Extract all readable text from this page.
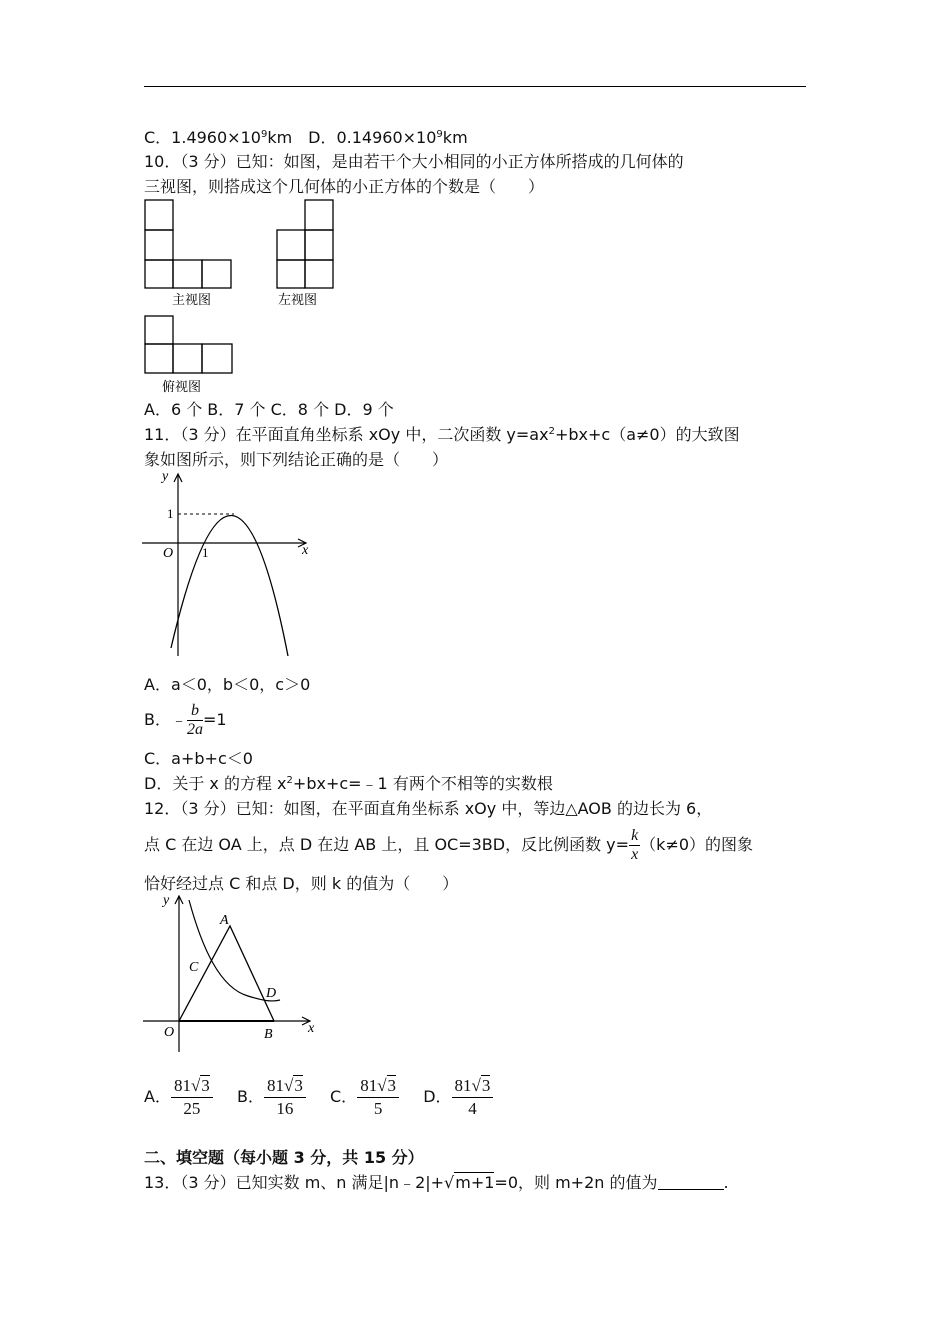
C．$1.4960\times 10^9km$　D．$0.14960\times 10^9km$
10．（3 分）已知：如图，是由若干个大小相同的小正方体所搭成的几何体的
三视图，则搭成这个几何体的小正方体的个数是（　　）
主视图	左视图
俯视图
A．6 个 B．7 个 C．8 个 D．9 个
11．（3 分）在平面直角坐标系 xOy 中，二次函数 $y=ax^2+bx+c(a\ne 0)$的大致图
象如图所示，则下列结论正确的是（　　）
y
x
O
1
1
A．a＜0，b＜0，c＞0
B．﹣ $\frac{b}{2a} =1$
C．a+b+c＜0
D．关于 x 的方程 $x^2+bx+c=﹣1$ 有两个不相等的实数根
12．（3 分）已知：如图，在平面直角坐标系 xOy 中，等边△AOB 的边长为 6，
点 C 在边 OA 上，点 D 在边 AB 上，且 OC=3BD，反比例函数 $y= \frac{k}{x} (k\ne 0)$的图象
恰好经过点 C 和点 D，则 k 的值为（　　）
y
x
O
A
B
C
D
A． $\frac{81√3}{25}$ B． $\frac{81√3}{16}$ C． $\frac{81√3}{5}$ D． $\frac{81√3}{4}$
二、填空题（每小题 3 分，共 15 分）
13．（3 分）已知实数 m、n 满足|n﹣2|+√m+1=0，则 m+2n 的值为	.
